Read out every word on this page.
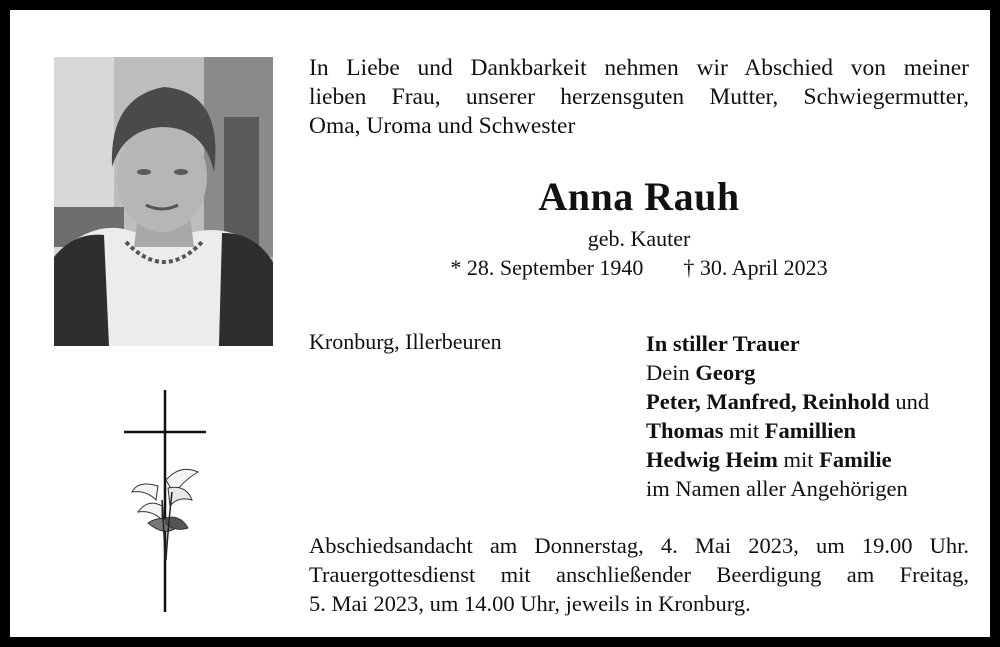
In Liebe und Dankbarkeit nehmen wir Abschied von meiner
lieben Frau, unserer herzensguten Mutter, Schwiegermutter,
Oma, Uroma und Schwester
Anna Rauh
geb. Kauter
* 28. September 1940 † 30. April 2023
Kronburg, Illerbeuren	In stiller Trauer
Dein Georg
Peter, Manfred, Reinhold und
Thomas mit Famillien
Hedwig Heim mit Familie
im Namen aller Angehörigen
Abschiedsandacht am Donnerstag, 4. Mai 2023, um 19.00 Uhr.
Trauergottesdienst mit anschließender Beerdigung am Freitag,
5. Mai 2023, um 14.00 Uhr, jeweils in Kronburg.
